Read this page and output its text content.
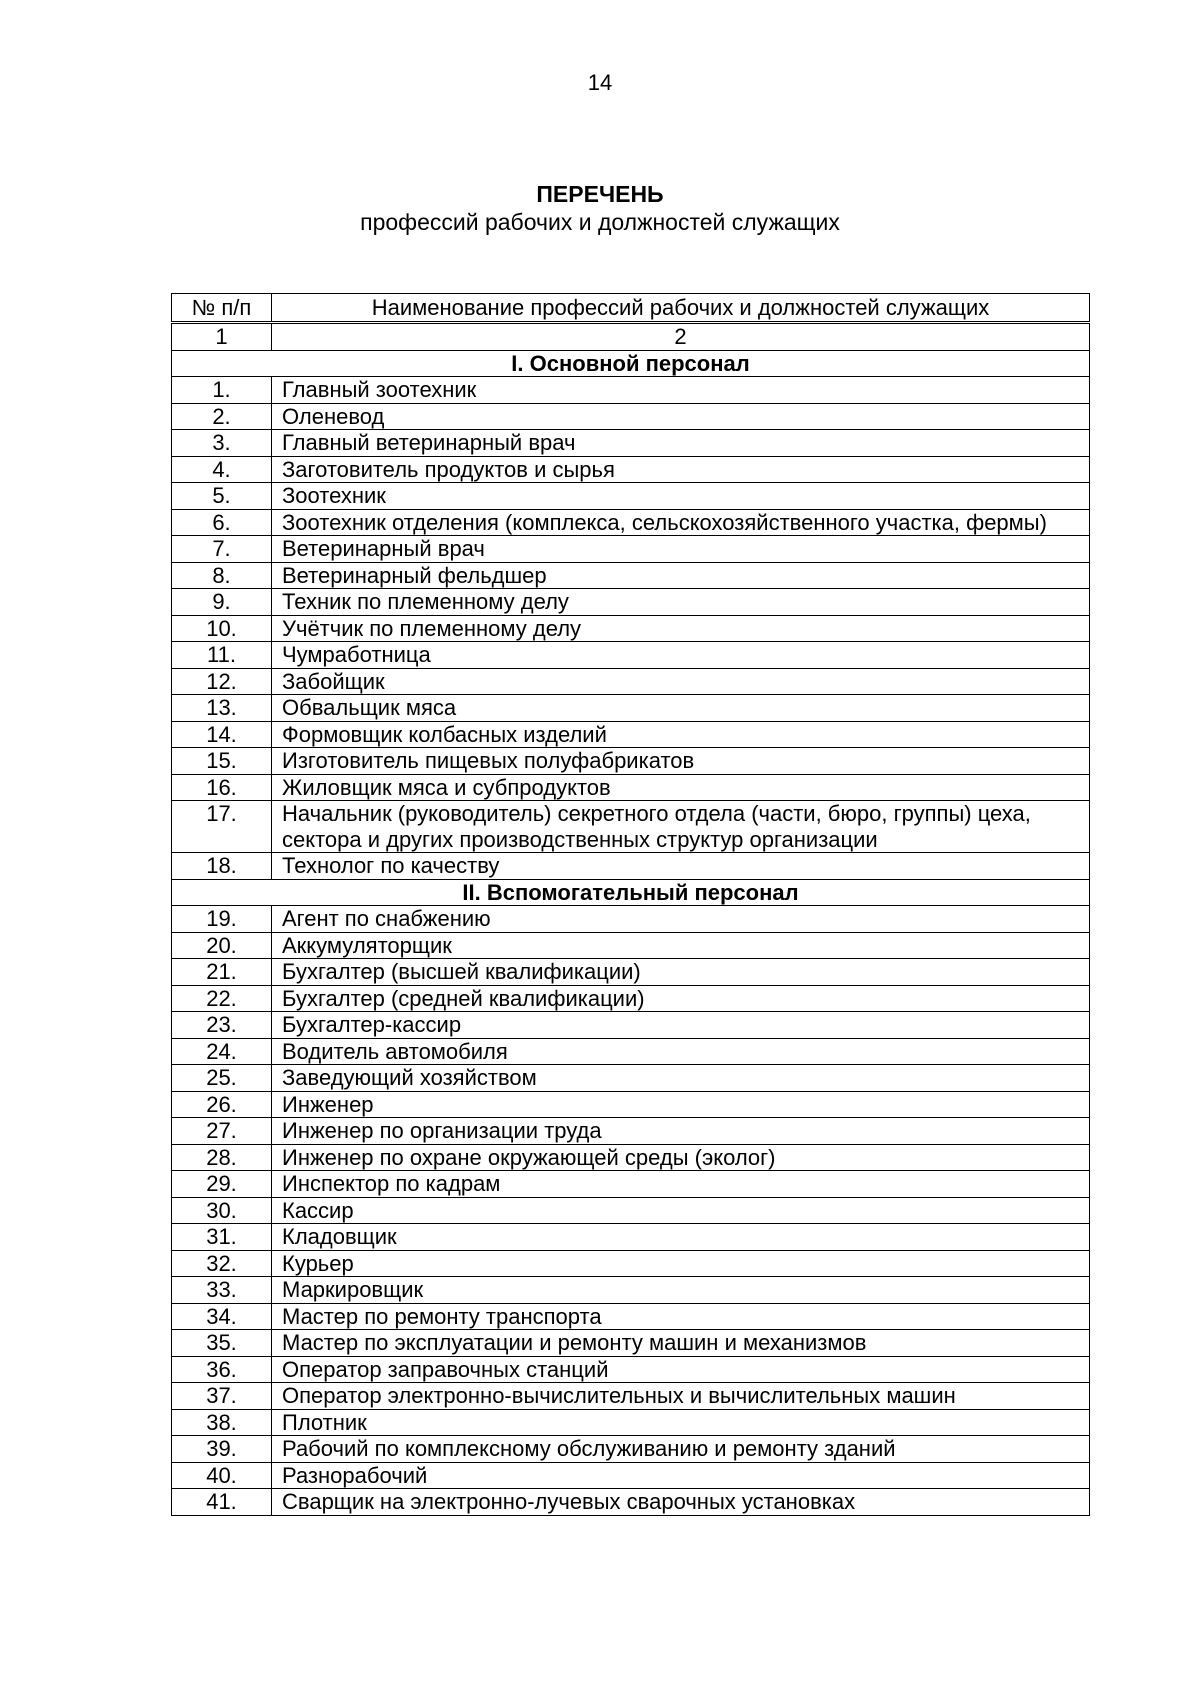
14
ПЕРЕЧЕНЬ
профессий рабочих и должностей служащих
№ п/п	Наименование профессий рабочих и должностей служащих
1	2
I. Основной персонал	
1.	Главный зоотехник
2.	Оленевод
3.	Главный ветеринарный врач
4.	Заготовитель продуктов и сырья
5.	Зоотехник
6.	Зоотехник отделения (комплекса, сельскохозяйственного участка, фермы)
7.	Ветеринарный врач
8.	Ветеринарный фельдшер
9.	Техник по племенному делу
10.	Учётчик по племенному делу
11.	Чумработница
12.	Забойщик
13.	Обвальщик мяса
14.	Формовщик колбасных изделий
15.	Изготовитель пищевых полуфабрикатов
16.	Жиловщик мяса и субпродуктов
17.	Начальник (руководитель) секретного отдела (части, бюро, группы) цеха, сектора и других производственных структур организации
18.	Технолог по качеству
II. Вспомогательный персонал	
19.	Агент по снабжению
20.	Аккумуляторщик
21.	Бухгалтер (высшей квалификации)
22.	Бухгалтер (средней квалификации)
23.	Бухгалтер-кассир
24.	Водитель автомобиля
25.	Заведующий хозяйством
26.	Инженер
27.	Инженер по организации труда
28.	Инженер по охране окружающей среды (эколог)
29.	Инспектор по кадрам
30.	Кассир
31.	Кладовщик
32.	Курьер
33.	Маркировщик
34.	Мастер по ремонту транспорта
35.	Мастер по эксплуатации и ремонту машин и механизмов
36.	Оператор заправочных станций
37.	Оператор электронно-вычислительных и вычислительных машин
38.	Плотник
39.	Рабочий по комплексному обслуживанию и ремонту зданий
40.	Разнорабочий
41.	Сварщик на электронно-лучевых сварочных установках
